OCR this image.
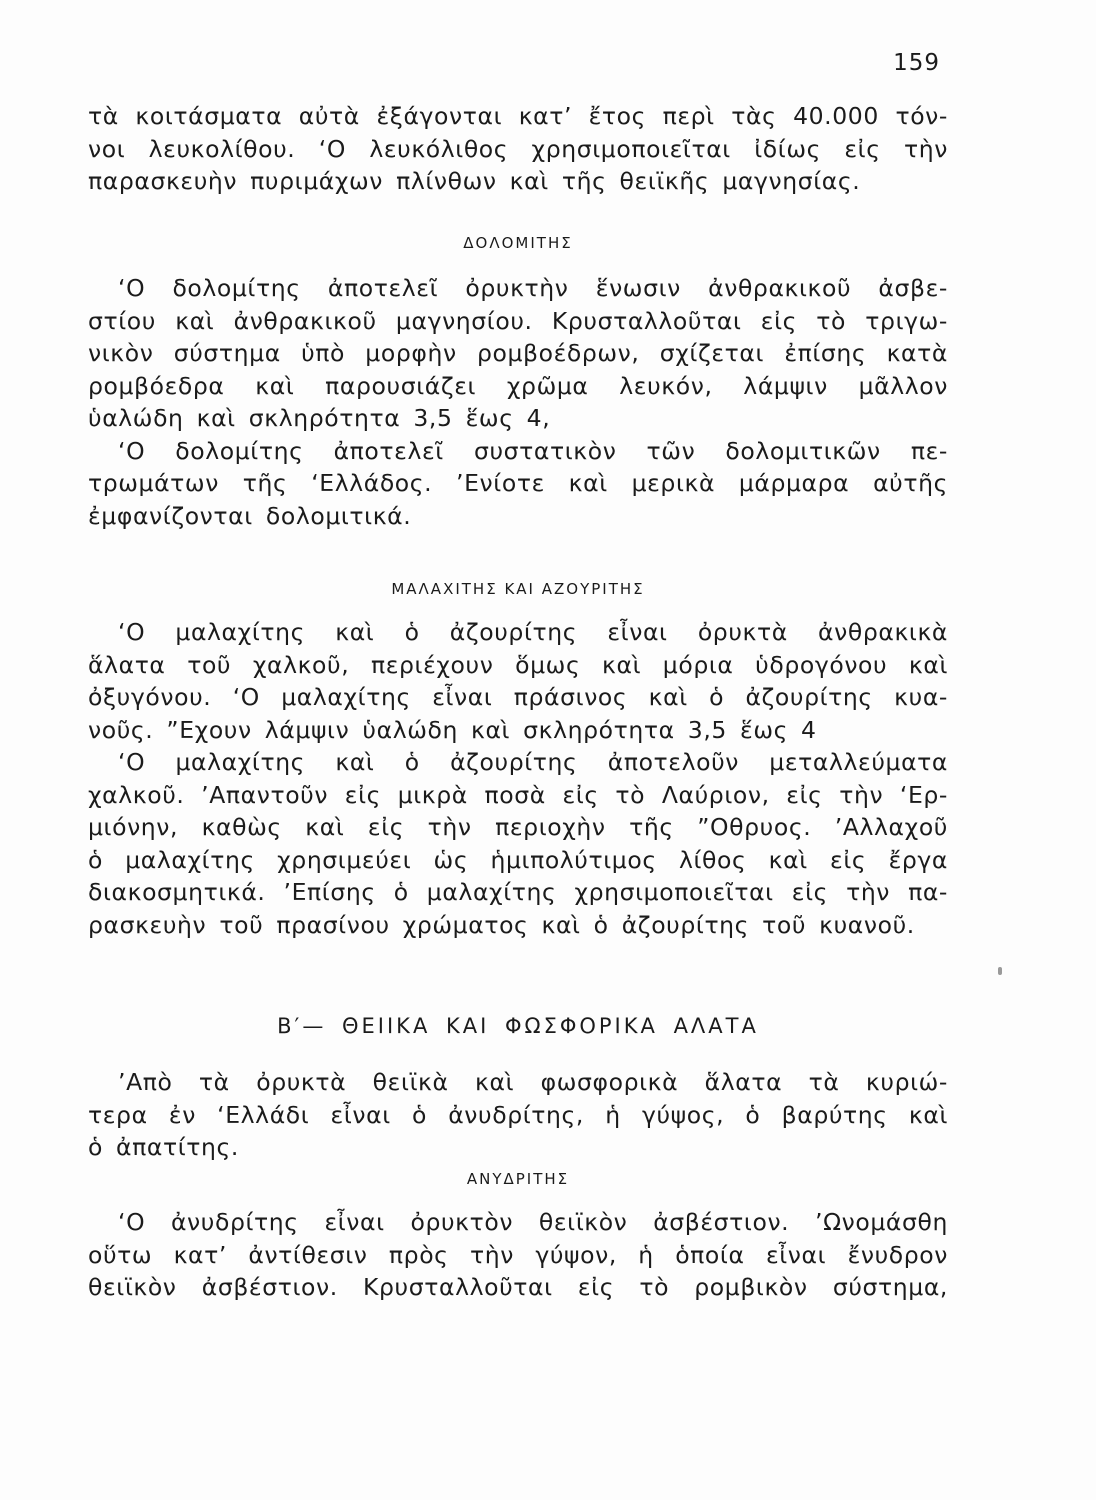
159
τὰ κοιτάσματα αὐτὰ ἐξάγονται κατ’ ἔτος περὶ τὰς 40.000 τόν-
νοι λευκολίθου. ‘Ο λευκόλιθος χρησιμοποιεῖται ἰδίως εἰς τὴν
παρασκευὴν πυριμάχων πλίνθων καὶ τῆς θειϊκῆς μαγνησίας.
ΔΟΛΟΜΙΤΗΣ
‘Ο δολομίτης ἀποτελεῖ ὀρυκτὴν ἕνωσιν ἀνθρακικοῦ ἀσβε-
στίου καὶ ἀνθρακικοῦ μαγνησίου. Κρυσταλλοῦται εἰς τὸ τριγω-
νικὸν σύστημα ὑπὸ μορφὴν ρομβοέδρων, σχίζεται ἐπίσης κατὰ
ρομβόεδρα καὶ παρουσιάζει χρῶμα λευκόν, λάμψιν μᾶλλον
ὑαλώδη καὶ σκληρότητα 3,5 ἕως 4,
‘Ο δολομίτης ἀποτελεῖ συστατικὸν τῶν δολομιτικῶν πε-
τρωμάτων τῆς ‘Ελλάδος. ’Ενίοτε καὶ μερικὰ μάρμαρα αὐτῆς
ἐμφανίζονται δολομιτικά.
ΜΑΛΑΧΙΤΗΣ ΚΑΙ ΑΖΟΥΡΙΤΗΣ
‘Ο μαλαχίτης καὶ ὁ ἀζουρίτης εἶναι ὀρυκτὰ ἀνθρακικὰ
ἅλατα τοῦ χαλκοῦ, περιέχουν ὅμως καὶ μόρια ὑδρογόνου καὶ
ὀξυγόνου. ‘Ο μαλαχίτης εἶναι πράσινος καὶ ὁ ἀζουρίτης κυα-
νοῦς. ”Εχουν λάμψιν ὑαλώδη καὶ σκληρότητα 3,5 ἕως 4
‘Ο μαλαχίτης καὶ ὁ ἀζουρίτης ἀποτελοῦν μεταλλεύματα
χαλκοῦ. ’Απαντοῦν εἰς μικρὰ ποσὰ εἰς τὸ Λαύριον, εἰς τὴν ‘Ερ-
μιόνην, καθὼς καὶ εἰς τὴν περιοχὴν τῆς ”Οθρυος. ’Αλλαχοῦ
ὁ μαλαχίτης χρησιμεύει ὡς ἡμιπολύτιμος λίθος καὶ εἰς ἔργα
διακοσμητικά. ’Επίσης ὁ μαλαχίτης χρησιμοποιεῖται εἰς τὴν πα-
ρασκευὴν τοῦ πρασίνου χρώματος καὶ ὁ ἀζουρίτης τοῦ κυανοῦ.
Β′— ΘΕΙΙΚΑ ΚΑΙ ΦΩΣΦΟΡΙΚΑ ΑΛΑΤΑ
’Απὸ τὰ ὀρυκτὰ θειϊκὰ καὶ φωσφορικὰ ἅλατα τὰ κυριώ-
τερα ἐν ‘Ελλάδι εἶναι ὁ ἀνυδρίτης, ἡ γύψος, ὁ βαρύτης καὶ
ὁ ἀπατίτης.
ΑΝΥΔΡΙΤΗΣ
‘Ο ἀνυδρίτης εἶναι ὀρυκτὸν θειϊκὸν ἀσβέστιον. ’Ωνομάσθη
οὕτω κατ’ ἀντίθεσιν πρὸς τὴν γύψον, ἡ ὁποία εἶναι ἔνυδρον
θειϊκὸν ἀσβέστιον. Κρυσταλλοῦται εἰς τὸ ρομβικὸν σύστημα,
